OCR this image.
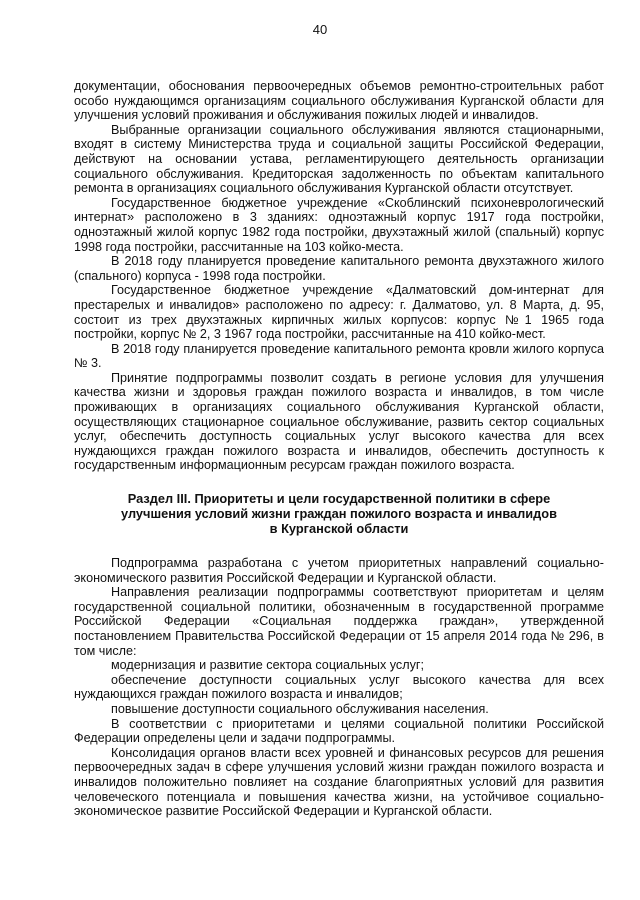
40

документации, обоснования первоочередных объемов ремонтно-строительных работ особо нуждающимся организациям социального обслуживания Курганской области для улучшения условий проживания и обслуживания пожилых людей и инвалидов.

Выбранные организации социального обслуживания являются стационарными, входят в систему Министерства труда и социальной защиты Российской Федерации, действуют на основании устава, регламентирующего деятельность организации социального обслуживания. Кредиторская задолженность по объектам капитального ремонта в организациях социального обслуживания Курганской области отсутствует.

Государственное бюджетное учреждение «Скоблинский психоневрологический интернат» расположено в 3 зданиях: одноэтажный корпус 1917 года постройки, одноэтажный жилой корпус 1982 года постройки, двухэтажный жилой (спальный) корпус 1998 года постройки, рассчитанные на 103 койко-места.

В 2018 году планируется проведение капитального ремонта двухэтажного жилого (спального) корпуса - 1998 года постройки.

Государственное бюджетное учреждение «Далматовский дом-интернат для престарелых и инвалидов» расположено по адресу: г. Далматово, ул. 8 Марта, д. 95, состоит из трех двухэтажных кирпичных жилых корпусов: корпус №1 1965 года постройки, корпус № 2, 3 1967 года постройки, рассчитанные на 410 койко-мест.

В 2018 году планируется проведение капитального ремонта кровли жилого корпуса № 3.

Принятие подпрограммы позволит создать в регионе условия для улучшения качества жизни и здоровья граждан пожилого возраста и инвалидов, в том числе проживающих в организациях социального обслуживания Курганской области, осуществляющих стационарное социальное обслуживание, развить сектор социальных услуг, обеспечить доступность социальных услуг высокого качества для всех нуждающихся граждан пожилого возраста и инвалидов, обеспечить доступность к государственным информационным ресурсам граждан пожилого возраста.

Раздел III. Приоритеты и цели государственной политики в сфере
улучшения условий жизни граждан пожилого возраста и инвалидов
в Курганской области

Подпрограмма разработана с учетом приоритетных направлений социально-экономического развития Российской Федерации и Курганской области.

Направления реализации подпрограммы соответствуют приоритетам и целям государственной социальной политики, обозначенным в государственной программе Российской Федерации «Социальная поддержка граждан», утвержденной постановлением Правительства Российской Федерации от 15 апреля 2014 года № 296, в том числе:

модернизация и развитие сектора социальных услуг;

обеспечение доступности социальных услуг высокого качества для всех нуждающихся граждан пожилого возраста и инвалидов;

повышение доступности социального обслуживания населения.

В соответствии с приоритетами и целями социальной политики Российской Федерации определены цели и задачи подпрограммы.

Консолидация органов власти всех уровней и финансовых ресурсов для решения первоочередных задач в сфере улучшения условий жизни граждан пожилого возраста и инвалидов положительно повлияет на создание благоприятных условий для развития человеческого потенциала и повышения качества жизни, на устойчивое социально-экономическое развитие Российской Федерации и Курганской области.
